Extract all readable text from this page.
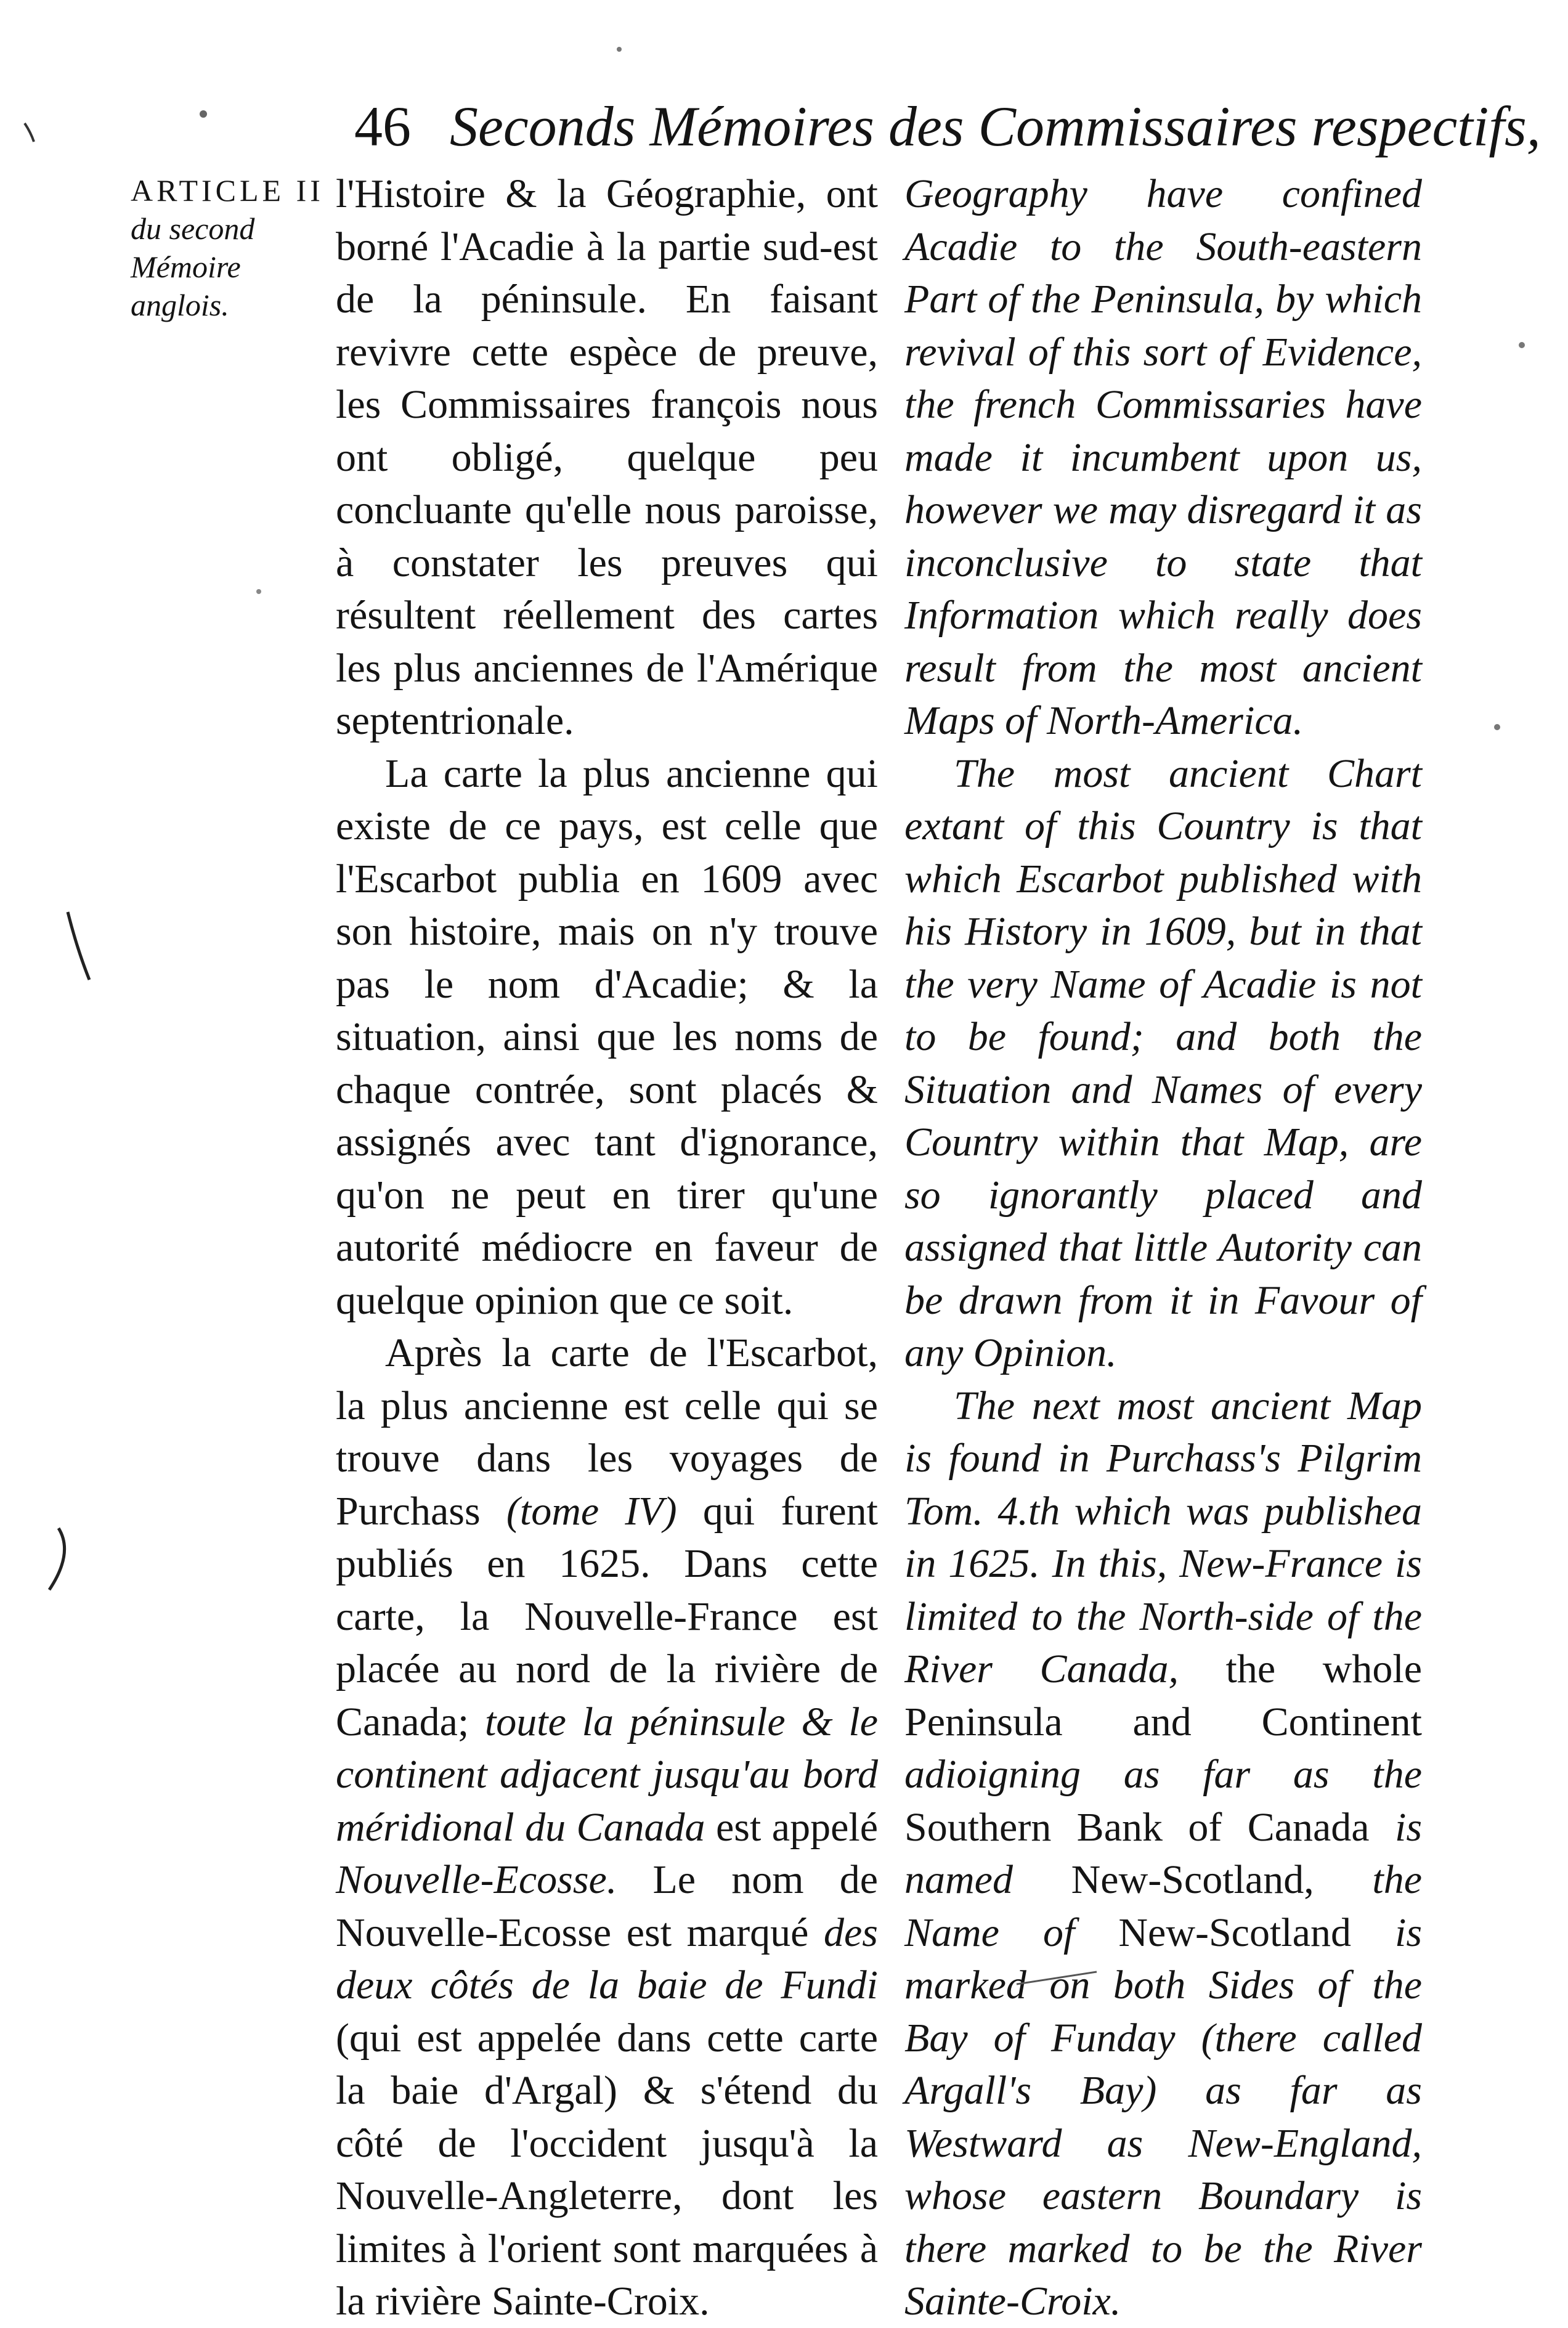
46 Seconds Mémoires des Commissaires respectifs,
ARTICLE II
du second Mémoire anglois.

l'Histoire & la Géographie, ont borné l'Acadie à la partie sud-est de la péninsule. En faisant revivre cette espèce de preuve, les Commissaires françois nous ont obligé, quelque peu concluante qu'elle nous paroisse, à constater les preuves qui résultent réellement des cartes les plus anciennes de l'Amérique septentrionale.

La carte la plus ancienne qui existe de ce pays, est celle que l'Escarbot publia en 1609 avec son histoire, mais on n'y trouve pas le nom d'Acadie; & la situation, ainsi que les noms de chaque contrée, sont placés & assignés avec tant d'ignorance, qu'on ne peut en tirer qu'une autorité médiocre en faveur de quelque opinion que ce soit.

Après la carte de l'Escarbot, la plus ancienne est celle qui se trouve dans les voyages de Purchass (tome IV) qui furent publiés en 1625. Dans cette carte, la Nouvelle-France est placée au nord de la rivière de Canada; toute la péninsule & le continent adjacent jusqu'au bord méridional du Canada est appelé Nouvelle-Ecosse. Le nom de Nouvelle-Ecosse est marqué des deux côtés de la baie de Fundi (qui est appelée dans cette carte la baie d'Argal) & s'étend du côté de l'occident jusqu'à la Nouvelle-Angleterre, dont les limites à l'orient sont marquées à la rivière Sainte-Croix.

Geography have confined Acadie to the South-eastern Part of the Peninsula, by which revival of this sort of Evidence, the french Commissaries have made it incumbent upon us, however we may disregard it as inconclusive to state that Information which really does result from the most ancient Maps of North-America.

The most ancient Chart extant of this Country is that which Escarbot published with his History in 1609, but in that the very Name of Acadie is not to be found; and both the Situation and Names of every Country within that Map, are so ignorantly placed and assigned that little Autority can be drawn from it in Favour of any Opinion.

The next most ancient Map is found in Purchass's Pilgrim Tom. 4.th which was publishea in 1625. In this, New-France is limited to the North-side of the River Canada, the whole Peninsula and Continent adioigning as far as the Southern Bank of Canada is named New-Scotland, the Name of New-Scotland is marked on both Sides of the Bay of Funday (there called Argall's Bay) as far as Westward as New-England, whose eastern Boundary is there marked to be the River Sainte-Croix.
